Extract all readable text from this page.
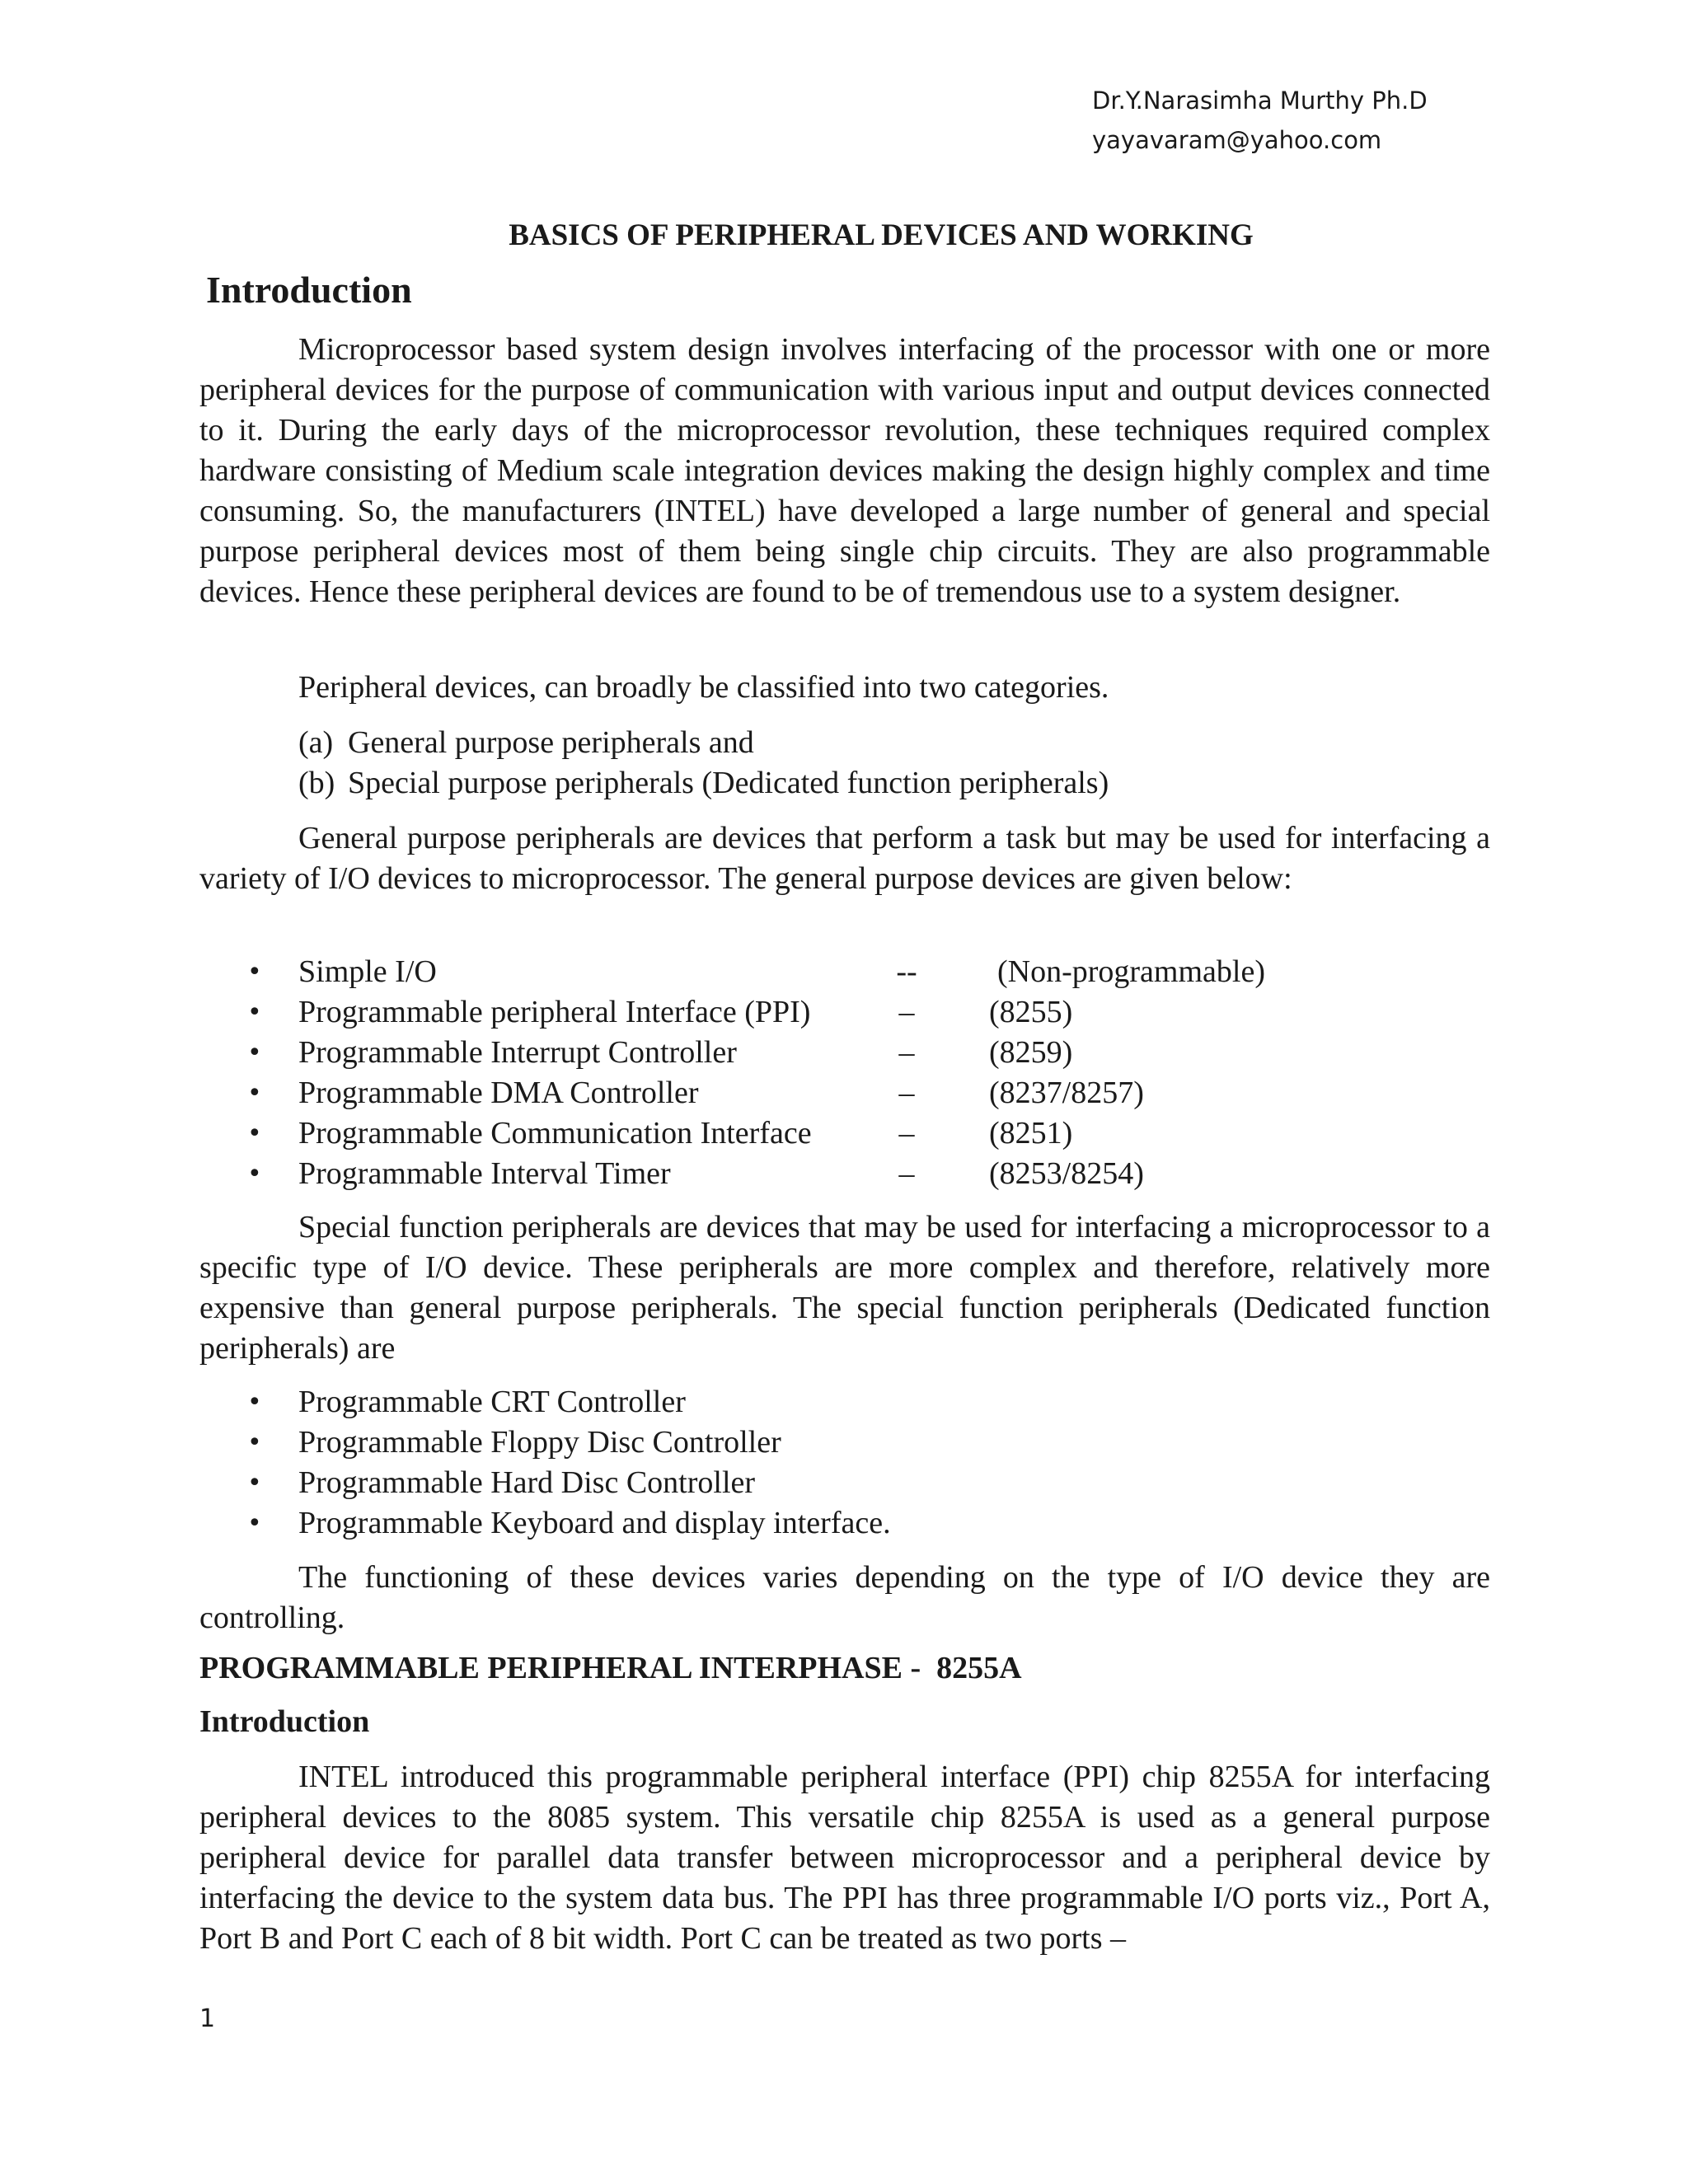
Dr.Y.Narasimha Murthy Ph.D
yayavaram@yahoo.com
BASICS OF PERIPHERAL DEVICES AND WORKING
Introduction
Microprocessor based system design involves interfacing of the processor with one or more peripheral devices for the purpose of communication with various input and output devices connected to it. During the early days of the microprocessor revolution, these techniques required complex hardware consisting of Medium scale integration devices making the design highly complex and time consuming. So, the manufacturers (INTEL) have developed a large number of general and special purpose peripheral devices most of them being single chip circuits. They are also programmable devices. Hence these peripheral devices are found to be of tremendous use to a system designer.
Peripheral devices, can broadly be classified into two categories.
(a) General purpose peripherals and
(b) Special purpose peripherals (Dedicated function peripherals)
General purpose peripherals are devices that perform a task but may be used for interfacing a variety of I/O devices to microprocessor. The general purpose devices are given below:
• Simple I/O	--	(Non-programmable)
• Programmable peripheral Interface (PPI)	–	(8255)
• Programmable Interrupt Controller	–	(8259)
• Programmable DMA Controller	–	(8237/8257)
• Programmable Communication Interface	–	(8251)
• Programmable Interval Timer	–	(8253/8254)
Special function peripherals are devices that may be used for interfacing a microprocessor to a specific type of I/O device. These peripherals are more complex and therefore, relatively more expensive than general purpose peripherals. The special function peripherals (Dedicated function peripherals) are
• Programmable CRT Controller
• Programmable Floppy Disc Controller
• Programmable Hard Disc Controller
• Programmable Keyboard and display interface.
The functioning of these devices varies depending on the type of I/O device they are controlling.
PROGRAMMABLE PERIPHERAL INTERPHASE -  8255A
Introduction
INTEL introduced this programmable peripheral interface (PPI) chip 8255A for interfacing peripheral devices to the 8085 system. This versatile chip 8255A is used as a general purpose peripheral device for parallel data transfer between microprocessor and a peripheral device by interfacing the device to the system data bus. The PPI has three programmable I/O ports viz., Port A, Port B and Port C each of 8 bit width. Port C can be treated as two ports –
1
